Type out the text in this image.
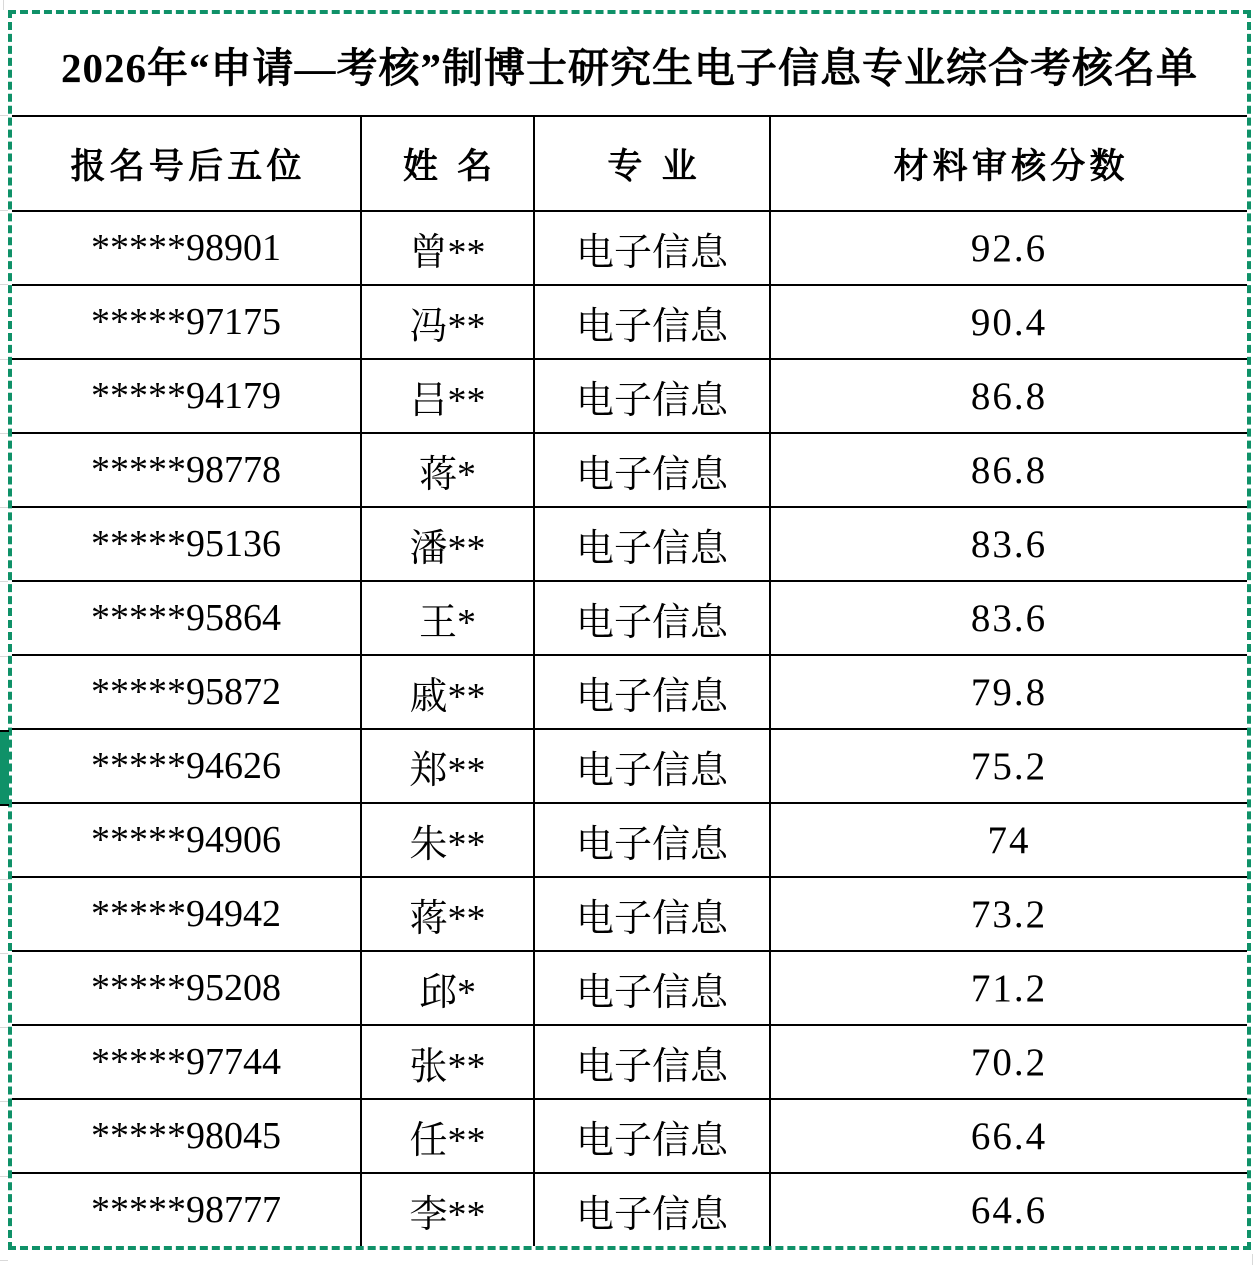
2026年“申请—考核”制博士研究生电子信息专业综合考核名单
报名号后五位	姓名	专业	材料审核分数
*****98901	曾**	电子信息	92.6
*****97175	冯**	电子信息	90.4
*****94179	吕**	电子信息	86.8
*****98778	蒋*	电子信息	86.8
*****95136	潘**	电子信息	83.6
*****95864	王*	电子信息	83.6
*****95872	戚**	电子信息	79.8
*****94626	郑**	电子信息	75.2
*****94906	朱**	电子信息	74
*****94942	蒋**	电子信息	73.2
*****95208	邱*	电子信息	71.2
*****97744	张**	电子信息	70.2
*****98045	任**	电子信息	66.4
*****98777	李**	电子信息	64.6
